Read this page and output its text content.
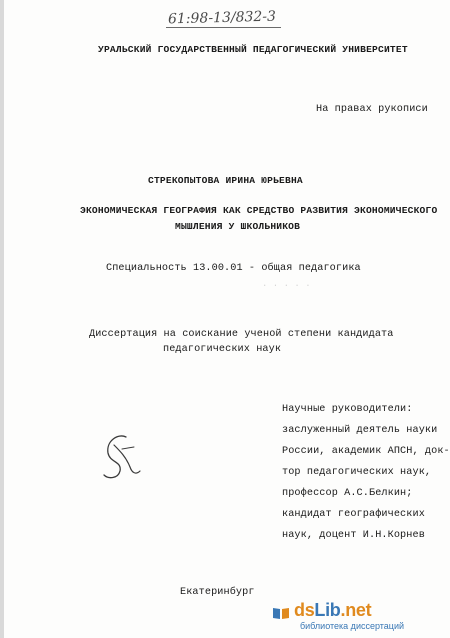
61:98-13/832-3
УРАЛЬСКИЙ ГОСУДАРСТВЕННЫЙ ПЕДАГОГИЧЕСКИЙ УНИВЕРСИТЕТ
На правах рукописи
СТРЕКОПЫТОВА ИРИНА ЮРЬЕВНА
ЭКОНОМИЧЕСКАЯ ГЕОГРАФИЯ КАК СРЕДСТВО РАЗВИТИЯ ЭКОНОМИЧЕСКОГО
МЫШЛЕНИЯ У ШКОЛЬНИКОВ
Специальность 13.00.01 - общая педагогика
· · · · ·
Диссертация на соискание ученой степени кандидата
педагогических наук
Научные руководители:
заслуженный деятель науки
России, академик АПСН, док-
тор педагогических наук,
профессор А.С.Белкин;
кандидат географических
наук, доцент И.Н.Корнев
Екатеринбург
dsLib.net
библиотека диссертаций
